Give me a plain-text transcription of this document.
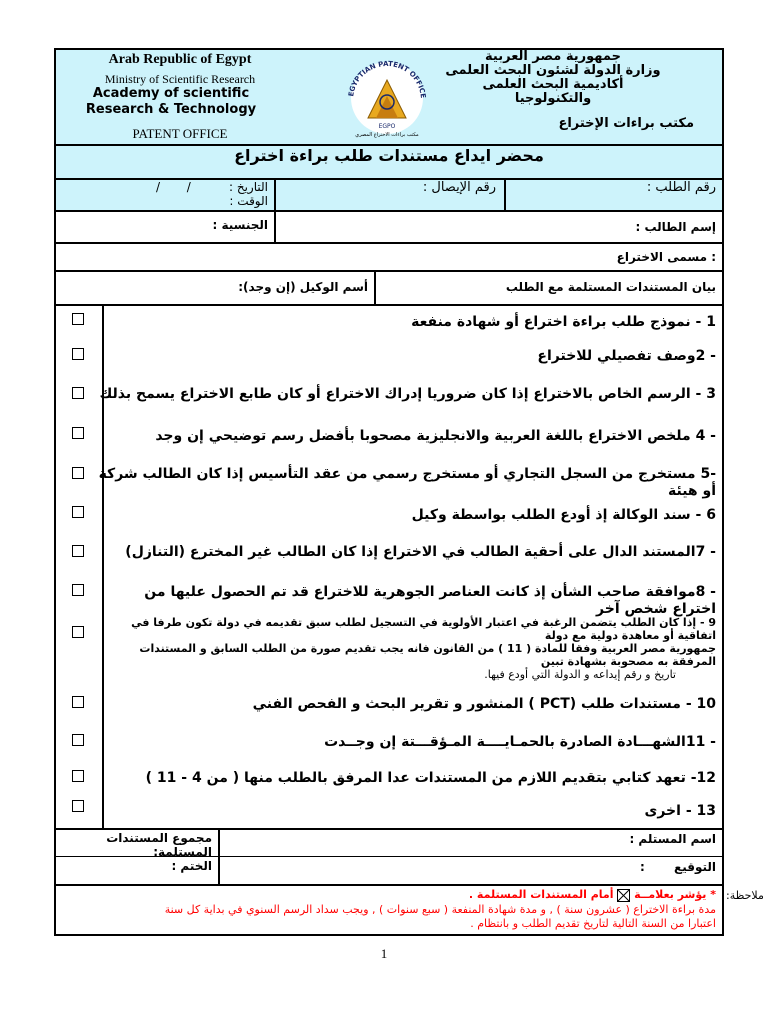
Arab Republic of Egypt
Ministry of Scientific Research
Academy of scientific Research & Technology
PATENT OFFICE
EGYPTIAN PATENT OFFICE
EGPO
مكتب براءات الاختراع المصري
جمهورية مصر العربية
وزارة الدولة لشئون البحث العلمى
أكاديمية البحث العلمى
والتكنولوجيا
مكتب براءات الإختراع
محضر ايداع مستندات طلب براءة اختراع
رقم الطلب :
رقم الإيصال :
التاريخ :
/       /
الوقت :
إسم الطالب :
الجنسية :
: مسمى الاختراع
بيان المستندات المستلمة مع الطلب
أسم الوكيل (إن وجد):
1 - نموذج طلب براءة اختراع أو شهادة منفعة
- 2وصف تفصيلي للاختراع
3 - الرسم الخاص بالاختراع إذا كان ضروريا إدراك الاختراع أو كان طابع الاختراع يسمح بذلك
- 4 ملخص الاختراع باللغة العربية والانجليزية مصحوبا بأفضل رسم توضيحي إن وجد
-5 مستخرج من السجل التجاري أو مستخرج رسمي من عقد التأسيس إذا كان الطالب شركة أو هيئة
6 - سند الوكالة إذ أودع الطلب بواسطة وكيل
- 7المستند الدال على أحقية الطالب في الاختراع إذا كان الطالب غير المخترع (التنازل)
- 8موافقة صاحب الشأن إذ كانت العناصر الجوهرية للاختراع قد تم الحصول عليها من اختراع شخص آخر
9 - إذا كان الطلب يتضمن الرغبة في اعتبار الأولوية في التسجيل لطلب سبق تقديمه في دولة تكون طرفا في اتفاقية أو معاهدة دولية مع دولة
جمهورية مصر العربية وفقا للمادة ( 11 ) من القانون فانه يجب تقديم صورة من الطلب السابق و المستندات المرفقة به مصحوبة بشهادة تبين
تاريخ و رقم إيداعه و الدولة التي أودع فيها.
10 - مستندات طلب (PCT ) المنشور و تقرير البحث و الفحص الفني
- 11الشهـــادة الصادرة بالحمـايــــة المـؤقـــتة إن وجــدت
12- تعهد كتابي بتقديم اللازم من المستندات عدا المرفق بالطلب منها ( من 4 - 11 )
13 - اخرى
اسم المستلم :
التوقيع       :
مجموع المستندات المستلمة:
الختم :
ملاحظة:
* يؤشر بعلامــة
أمام المستندات المستلمة .
مدة براءة الاختراع ( عشرون سنة ) , و مدة شهادة المنفعة ( سبع سنوات ) , ويجب سداد الرسم السنوي في بداية كل سنة
اعتبارا من السنة التالية لتاريخ تقديم الطلب و بانتظام .
1
